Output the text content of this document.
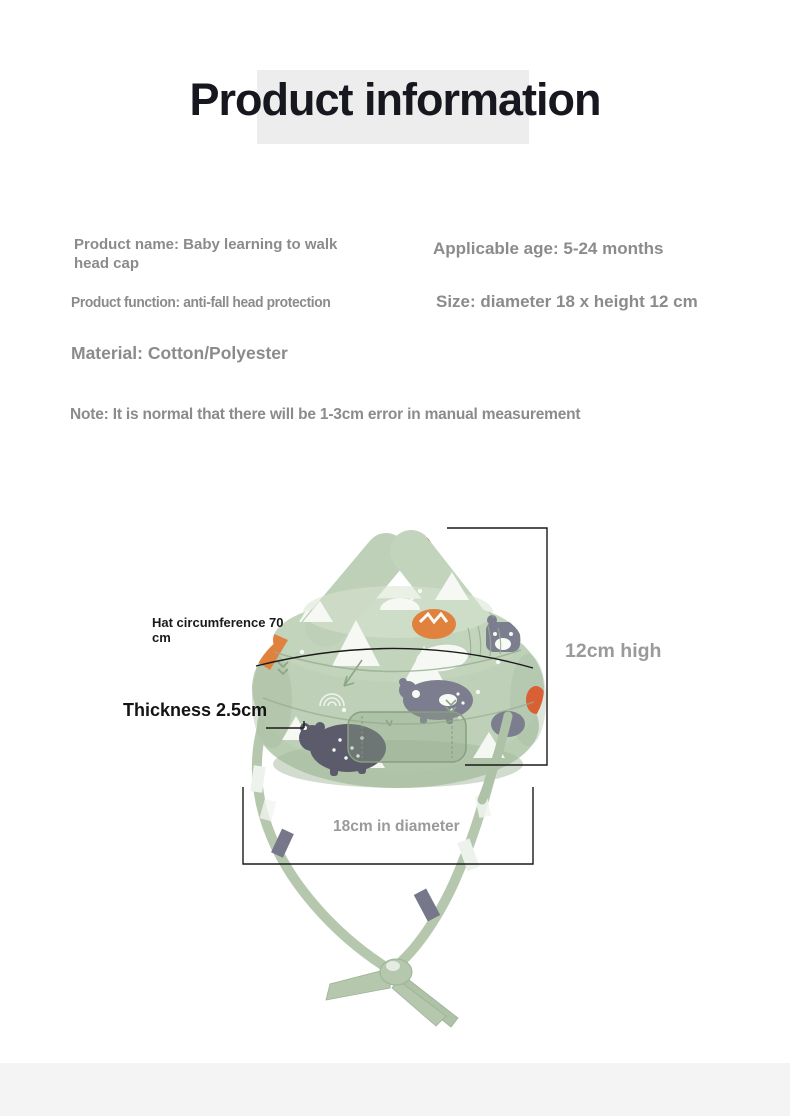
Product information
Product name: Baby learning to walk head cap
Applicable age: 5-24 months
Product function: anti-fall head protection	Size: diameter 18 x height 12 cm
Material: Cotton/Polyester
Note: It is normal that there will be 1-3cm error in manual measurement
Hat circumference 70 cm
Thickness 2.5cm
12cm high
18cm in diameter
